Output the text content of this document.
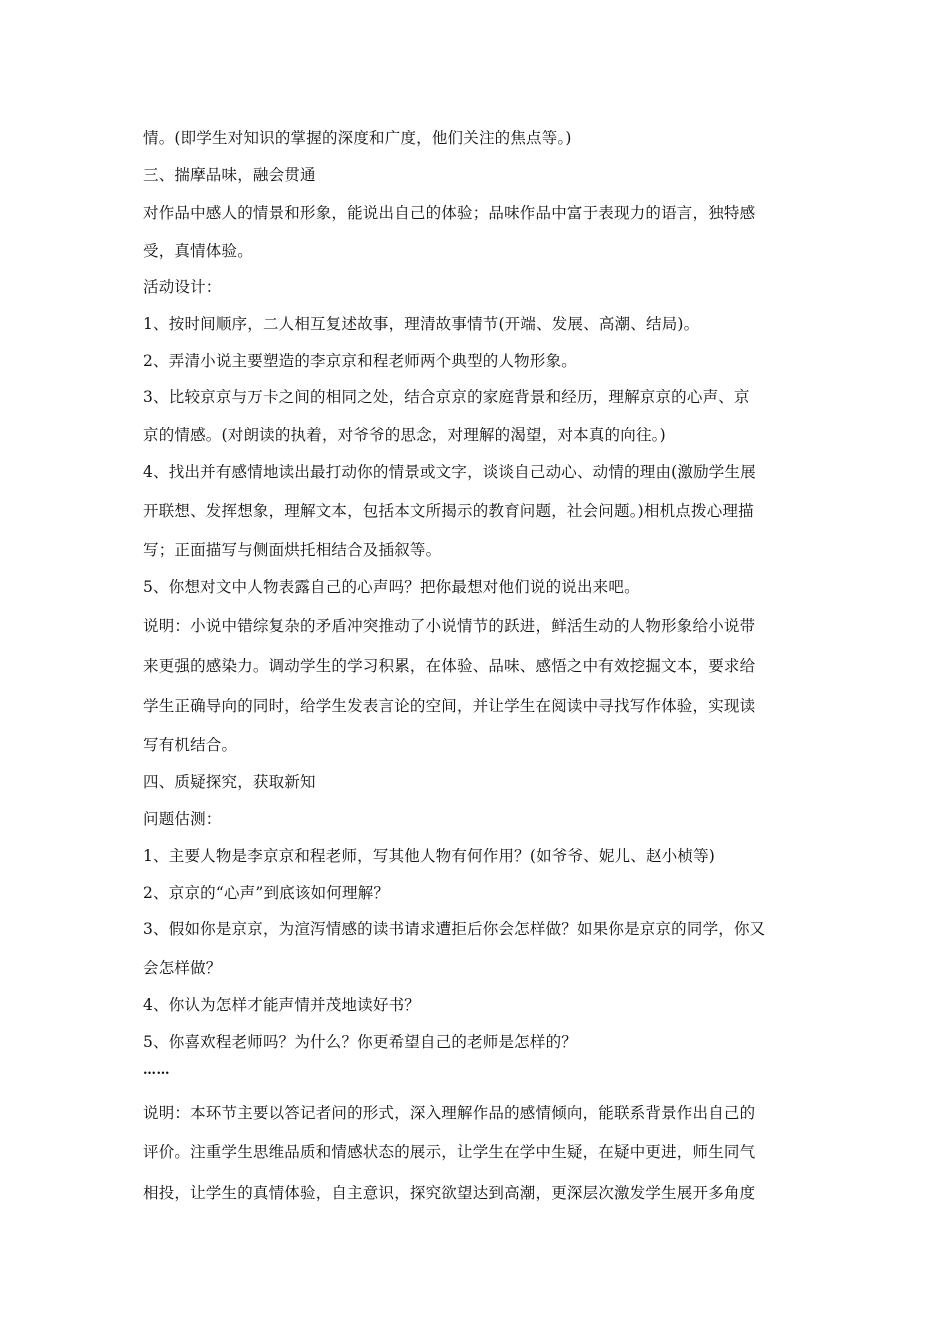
情。(即学生对知识的掌握的深度和广度，他们关注的焦点等。)
三、揣摩品味，融会贯通
对作品中感人的情景和形象，能说出自己的体验；品味作品中富于表现力的语言，独特感
受，真情体验。
活动设计：
1、按时间顺序，二人相互复述故事，理清故事情节(开端、发展、高潮、结局)。
2、弄清小说主要塑造的李京京和程老师两个典型的人物形象。
3、比较京京与万卡之间的相同之处，结合京京的家庭背景和经历，理解京京的心声、京
京的情感。(对朗读的执着，对爷爷的思念，对理解的渴望，对本真的向往。)
4、找出并有感情地读出最打动你的情景或文字，谈谈自己动心、动情的理由(激励学生展
开联想、发挥想象，理解文本，包括本文所揭示的教育问题，社会问题。)相机点拨心理描
写；正面描写与侧面烘托相结合及插叙等。
5、你想对文中人物表露自己的心声吗？把你最想对他们说的说出来吧。
说明：小说中错综复杂的矛盾冲突推动了小说情节的跃进，鲜活生动的人物形象给小说带
来更强的感染力。调动学生的学习积累，在体验、品味、感悟之中有效挖掘文本，要求给
学生正确导向的同时，给学生发表言论的空间，并让学生在阅读中寻找写作体验，实现读
写有机结合。
四、质疑探究，获取新知
问题估测：
1、主要人物是李京京和程老师，写其他人物有何作用？(如爷爷、妮儿、赵小桢等)
2、京京的“心声”到底该如何理解？
3、假如你是京京，为渲泻情感的读书请求遭拒后你会怎样做？如果你是京京的同学，你又
会怎样做？
4、你认为怎样才能声情并茂地读好书？
5、你喜欢程老师吗？为什么？你更希望自己的老师是怎样的？
……
说明：本环节主要以答记者问的形式，深入理解作品的感情倾向，能联系背景作出自己的
评价。注重学生思维品质和情感状态的展示，让学生在学中生疑，在疑中更进，师生同气
相投，让学生的真情体验，自主意识，探究欲望达到高潮，更深层次激发学生展开多角度
